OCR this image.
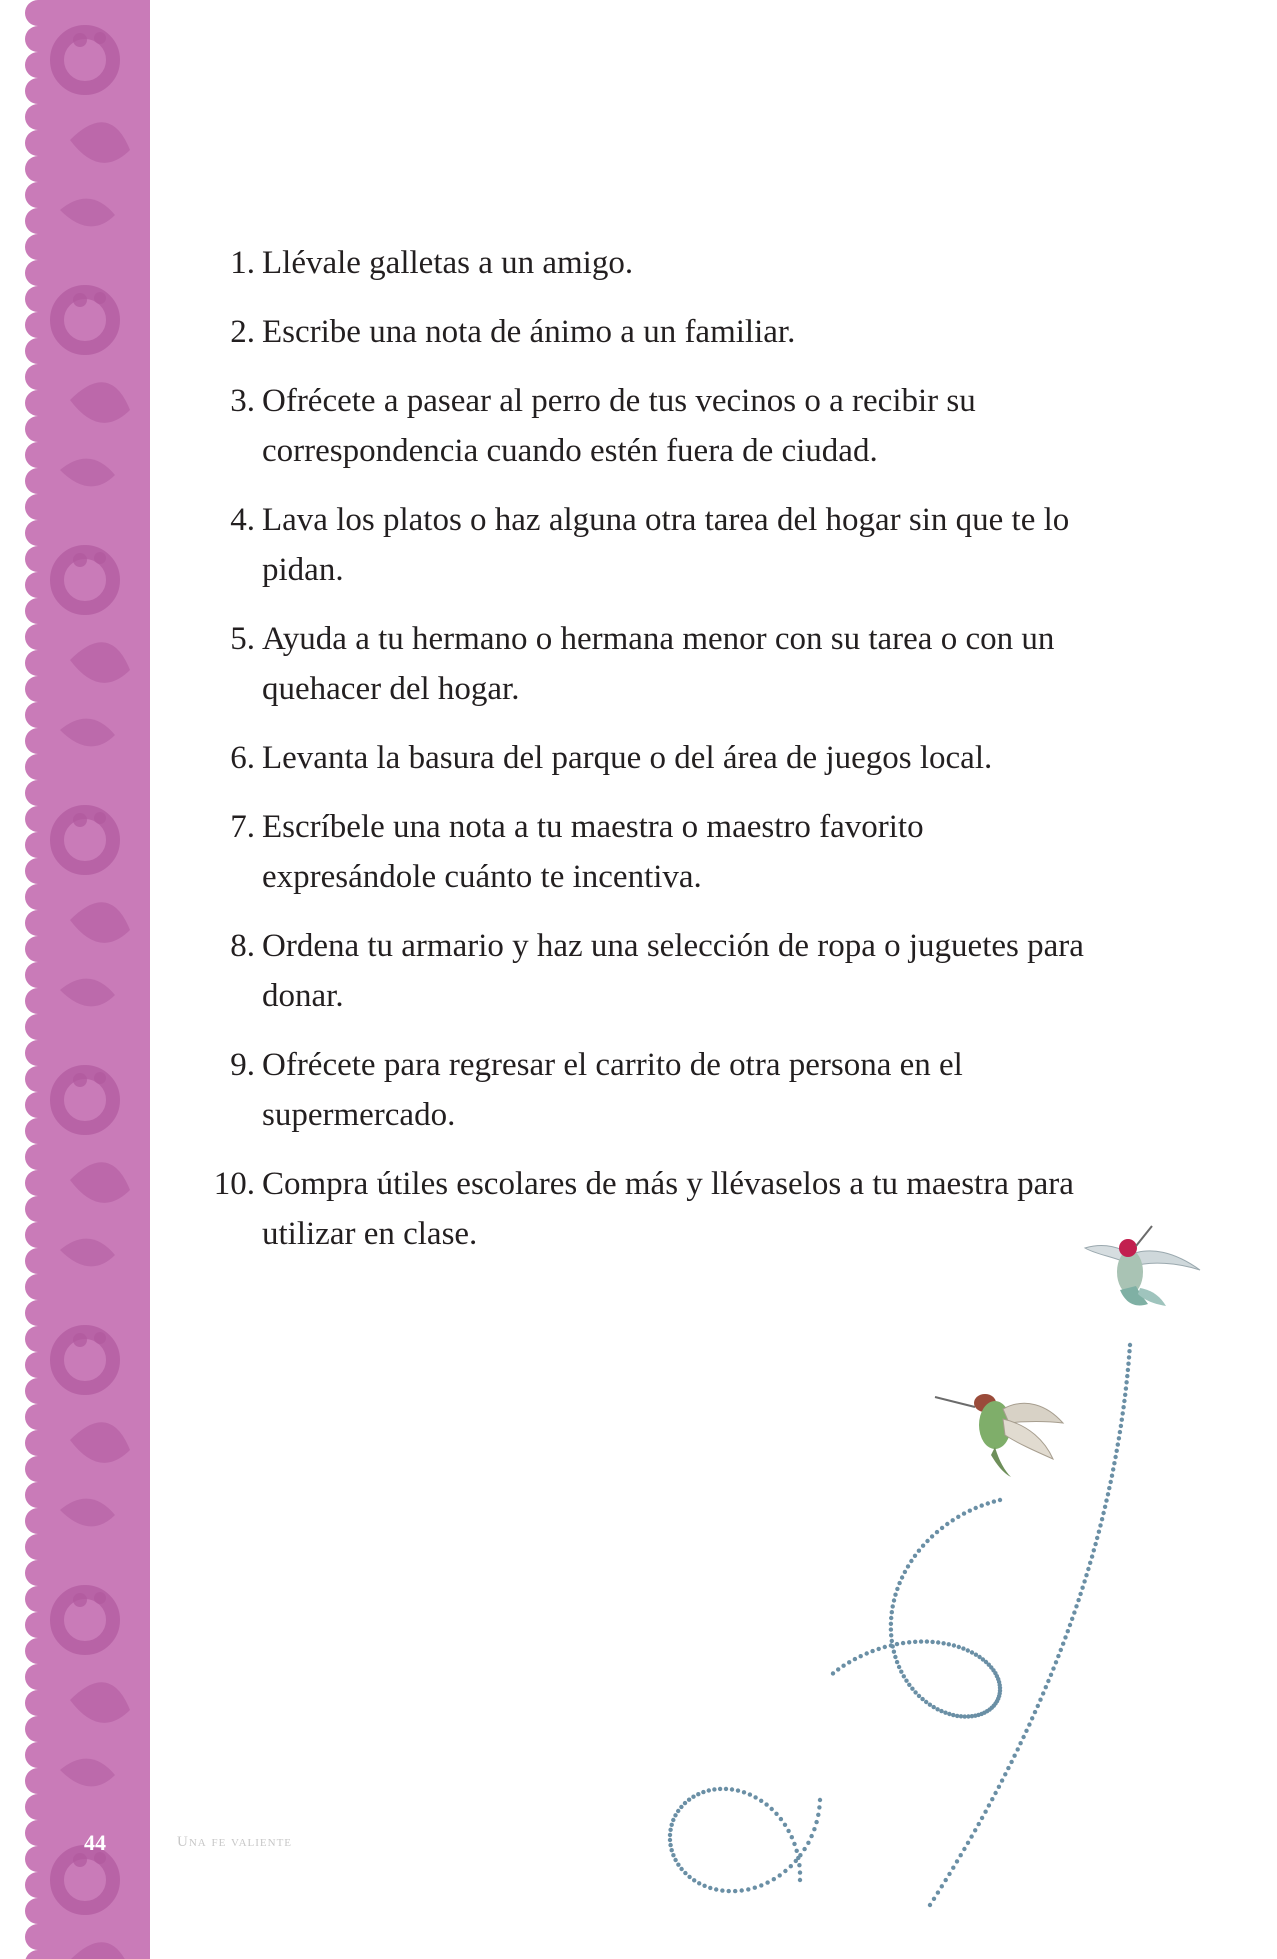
1. Llévale galletas a un amigo.
2. Escribe una nota de ánimo a un familiar.
3. Ofrécete a pasear al perro de tus vecinos o a recibir su correspondencia cuando estén fuera de ciudad.
4. Lava los platos o haz alguna otra tarea del hogar sin que te lo pidan.
5. Ayuda a tu hermano o hermana menor con su tarea o con un quehacer del hogar.
6. Levanta la basura del parque o del área de juegos local.
7. Escríbele una nota a tu maestra o maestro favorito expresándole cuánto te incentiva.
8. Ordena tu armario y haz una selección de ropa o juguetes para donar.
9. Ofrécete para regresar el carrito de otra persona en el supermercado.
10. Compra útiles escolares de más y llévaselos a tu maestra para utilizar en clase.
44	Una fe valiente
